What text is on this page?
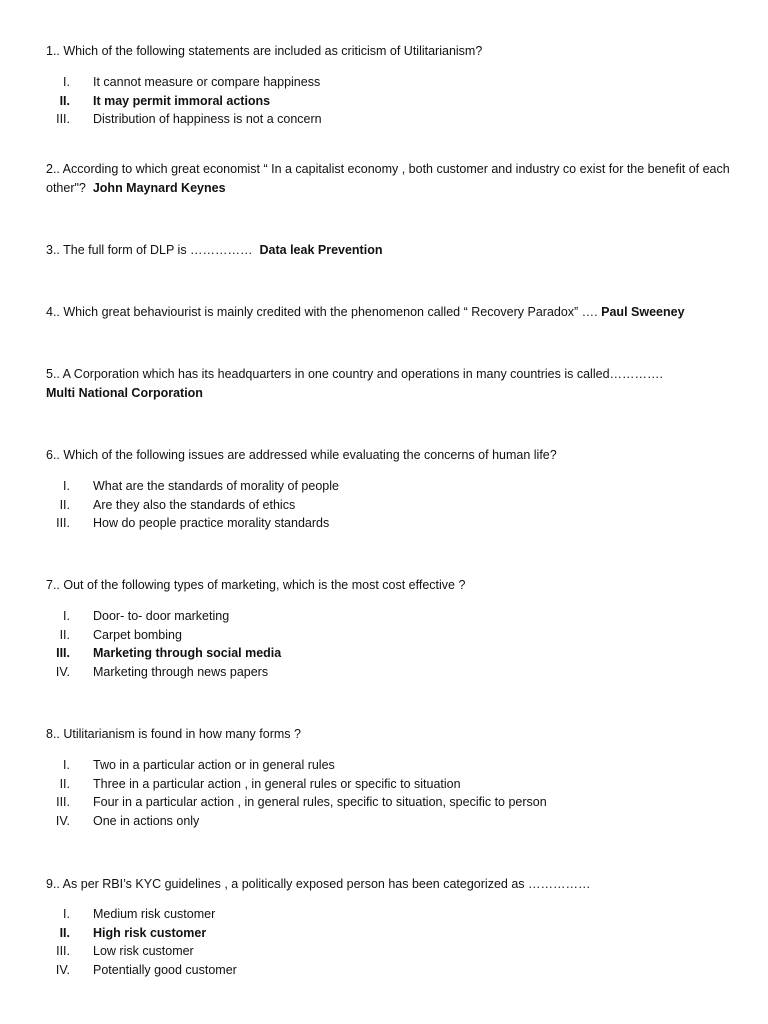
1.. Which of the following statements are included as criticism of Utilitarianism?
I. It cannot measure or compare happiness
II. It may permit immoral actions
III. Distribution of happiness is not a concern
2.. According to which great economist “ In a capitalist economy , both customer and industry co exist for the benefit of each other"? John Maynard Keynes
3.. The full form of DLP is …………… Data leak Prevention
4.. Which great behaviourist is mainly credited with the phenomenon called “ Recovery Paradox” …. Paul Sweeney
5.. A Corporation which has its headquarters in one country and operations in many countries is called………….
Multi National Corporation
6.. Which of the following issues are addressed while evaluating the concerns of human life?
I. What are the standards of morality of people
II. Are they also the standards of ethics
III. How do people practice morality standards
7.. Out of the following types of marketing, which is the most cost effective ?
I. Door- to- door marketing
II. Carpet bombing
III. Marketing through social media
IV. Marketing through news papers
8.. Utilitarianism is found in how many forms ?
I. Two in a particular action or in general rules
II. Three in a particular action , in general rules or specific to situation
III. Four in a particular action , in general rules, specific to situation, specific to person
IV. One in actions only
9.. As per RBI’s KYC guidelines , a politically exposed person has been categorized as ……………
I. Medium risk customer
II. High risk customer
III. Low risk customer
IV. Potentially good customer
